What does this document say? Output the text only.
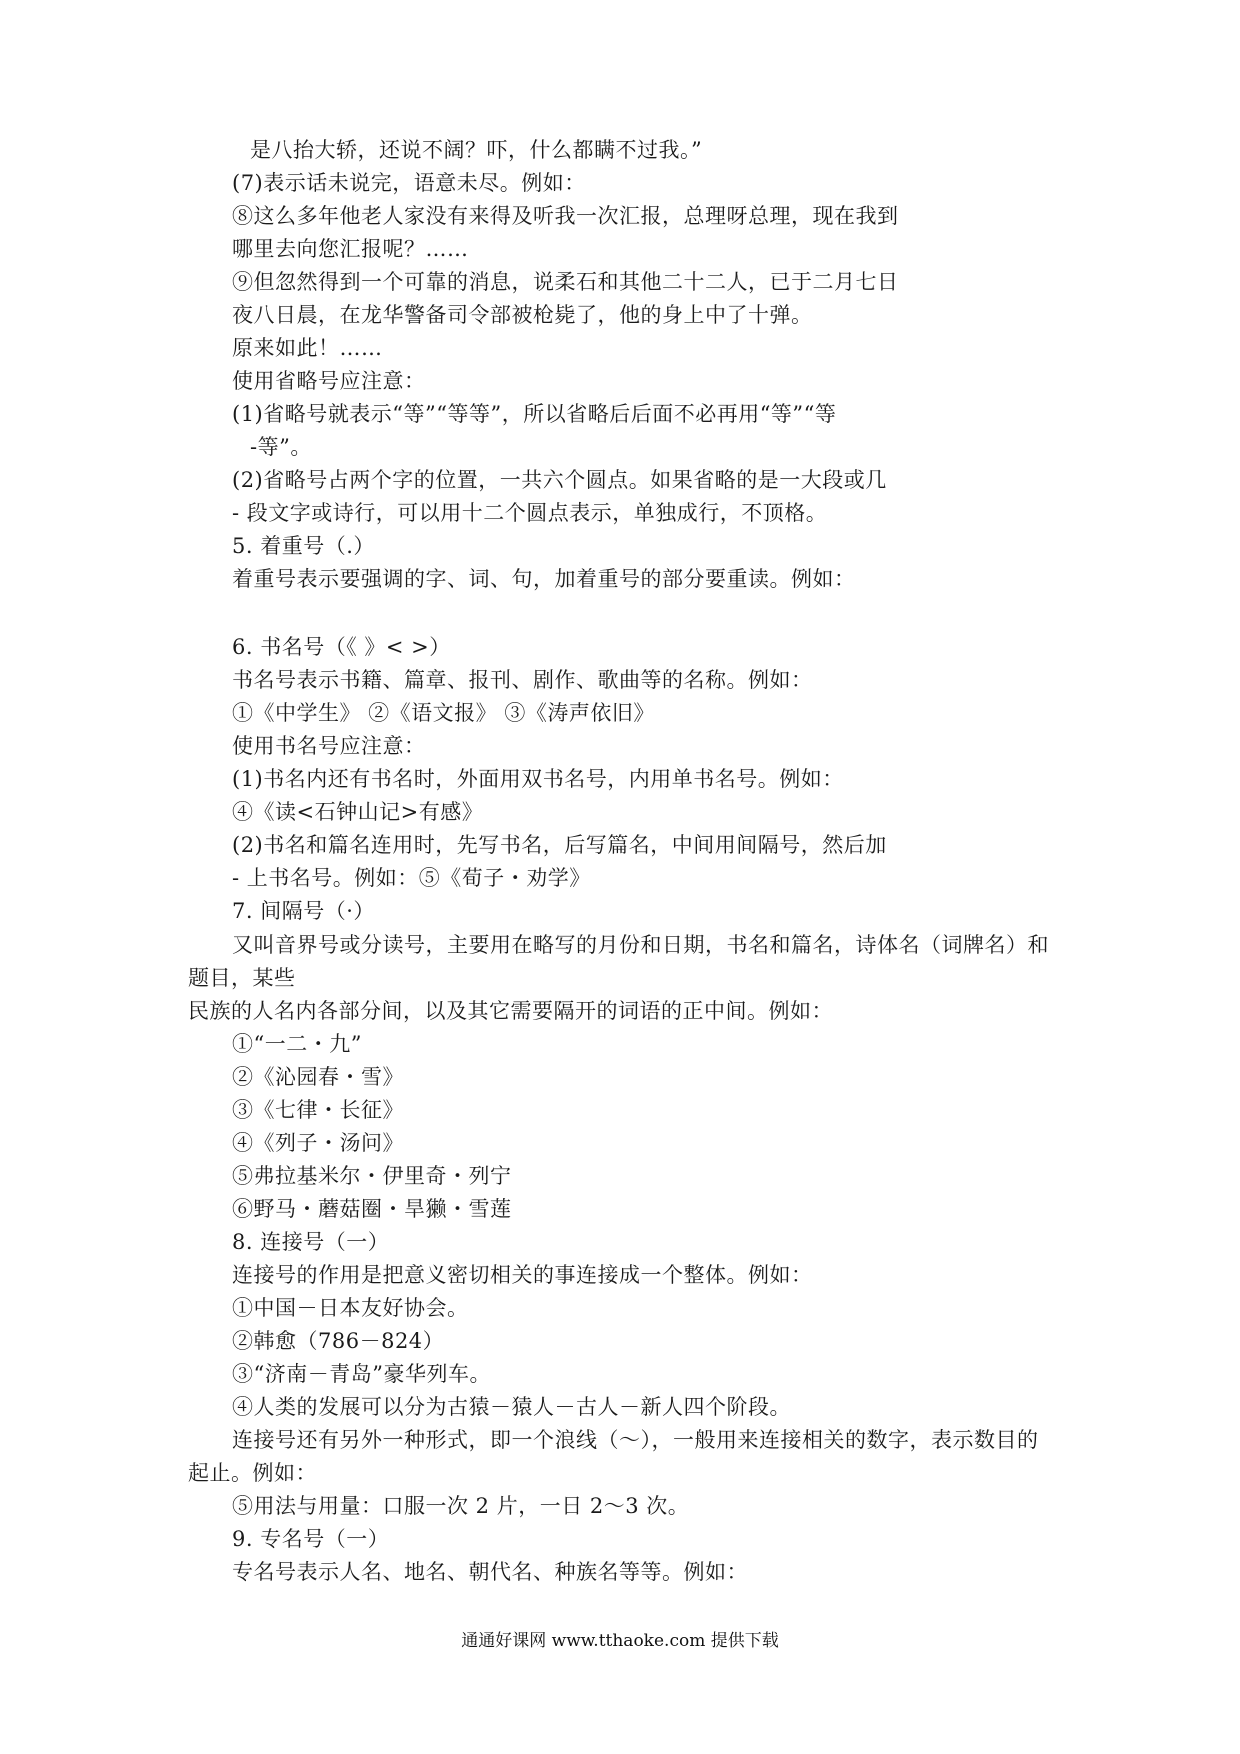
是八抬大轿，还说不阔？吓，什么都瞒不过我。”
(7)表示话未说完，语意未尽。例如：
⑧这么多年他老人家没有来得及听我一次汇报，总理呀总理，现在我到
哪里去向您汇报呢？……
⑨但忽然得到一个可靠的消息，说柔石和其他二十二人，已于二月七日
夜八日晨，在龙华警备司令部被枪毙了，他的身上中了十弹。
原来如此！……
使用省略号应注意：
(1)省略号就表示“等”“等等”，所以省略后后面不必再用“等”“等
-等”。
(2)省略号占两个字的位置，一共六个圆点。如果省略的是一大段或几
- 段文字或诗行，可以用十二个圆点表示，单独成行，不顶格。
5. 着重号（.）
着重号表示要强调的字、词、句，加着重号的部分要重读。例如：
6. 书名号（《 》< >）
书名号表示书籍、篇章、报刊、剧作、歌曲等的名称。例如：
①《中学生》 ②《语文报》 ③《涛声依旧》
使用书名号应注意：
(1)书名内还有书名时，外面用双书名号，内用单书名号。例如：
④《读<石钟山记>有感》
(2)书名和篇名连用时，先写书名，后写篇名，中间用间隔号，然后加
- 上书名号。例如：⑤《荀子・劝学》
7. 间隔号（·）
又叫音界号或分读号，主要用在略写的月份和日期，书名和篇名，诗体名（词牌名）和
题目，某些
民族的人名内各部分间，以及其它需要隔开的词语的正中间。例如：
①“一二・九”
②《沁园春・雪》
③《七律・长征》
④《列子・汤问》
⑤弗拉基米尔・伊里奇・列宁
⑥野马・蘑菇圈・旱獭・雪莲
8. 连接号（一）
连接号的作用是把意义密切相关的事连接成一个整体。例如：
①中国－日本友好协会。
②韩愈（786－824）
③“济南－青岛”豪华列车。
④人类的发展可以分为古猿－猿人－古人－新人四个阶段。
连接号还有另外一种形式，即一个浪线（～），一般用来连接相关的数字，表示数目的
起止。例如：
⑤用法与用量：口服一次 2 片，一日 2～3 次。
9. 专名号（一）
专名号表示人名、地名、朝代名、种族名等等。例如：
通通好课网 www.tthaoke.com 提供下载
